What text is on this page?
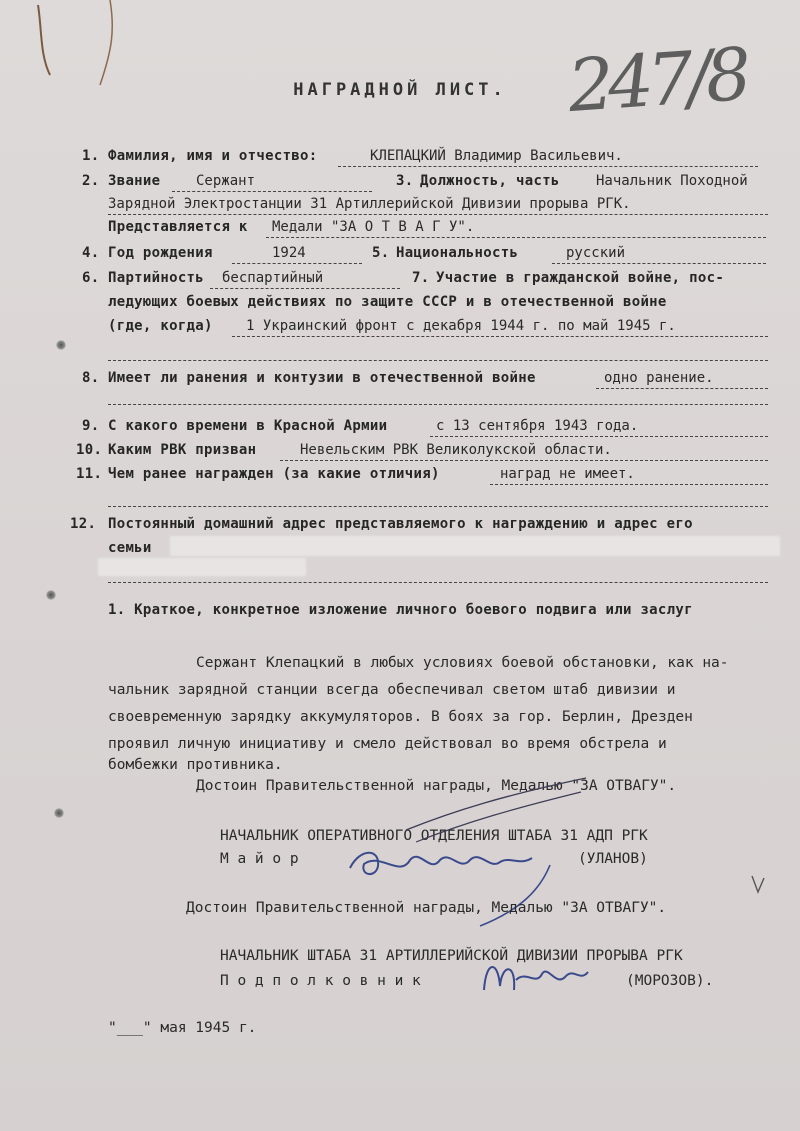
247/8
НАГРАДНОЙ ЛИСТ.
1. Фамилия, имя и отчество:	КЛЕПАЦКИЙ Владимир Васильевич.
2. Звание	Сержант	3. Должность, часть	Начальник Походной
Зарядной Электростанции 31 Артиллерийской Дивизии прорыва РГК.
Представляется к Медали "ЗА О Т В А Г У".
4. Год рождения	1924	5. Национальность	русский
6. Партийность беспартийный	7. Участие в гражданской войне, пос-
ледующих боевых действиях по защите СССР и в отечественной войне
(где, когда) 1 Украинский фронт с декабря 1944 г. по май 1945 г.
8. Имеет ли ранения и контузии в отечественной войне	одно ранение.
9. С какого времени в Красной Армии	с 13 сентября 1943 года.
10. Каким РВК призван	Невельским РВК Великолукской области.
11. Чем ранее награжден (за какие отличия)	наград не имеет.
12. Постоянный домашний адрес представляемого к награждению и адрес его
семьи
1. Краткое, конкретное изложение личного боевого подвига или заслуг
Сержант Клепацкий в любых условиях боевой обстановки, как на-
чальник зарядной станции всегда обеспечивал светом штаб дивизии и
своевременную зарядку аккумуляторов. В боях за гор. Берлин, Дрезден
проявил личную инициативу и смело действовал во время обстрела и
бомбежки противника.
Достоин Правительственной награды, Медалью "ЗА ОТВАГУ".
НАЧАЛЬНИК ОПЕРАТИВНОГО ОТДЕЛЕНИЯ ШТАБА 31 АДП РГК
М а й о р	(УЛАНОВ)
Достоин Правительственной награды, Медалью "ЗА ОТВАГУ".
НАЧАЛЬНИК ШТАБА 31 АРТИЛЛЕРИЙСКОЙ ДИВИЗИИ ПРОРЫВА РГК
П о д п о л к о в н и к	(МОРОЗОВ).
"___" мая 1945 г.
